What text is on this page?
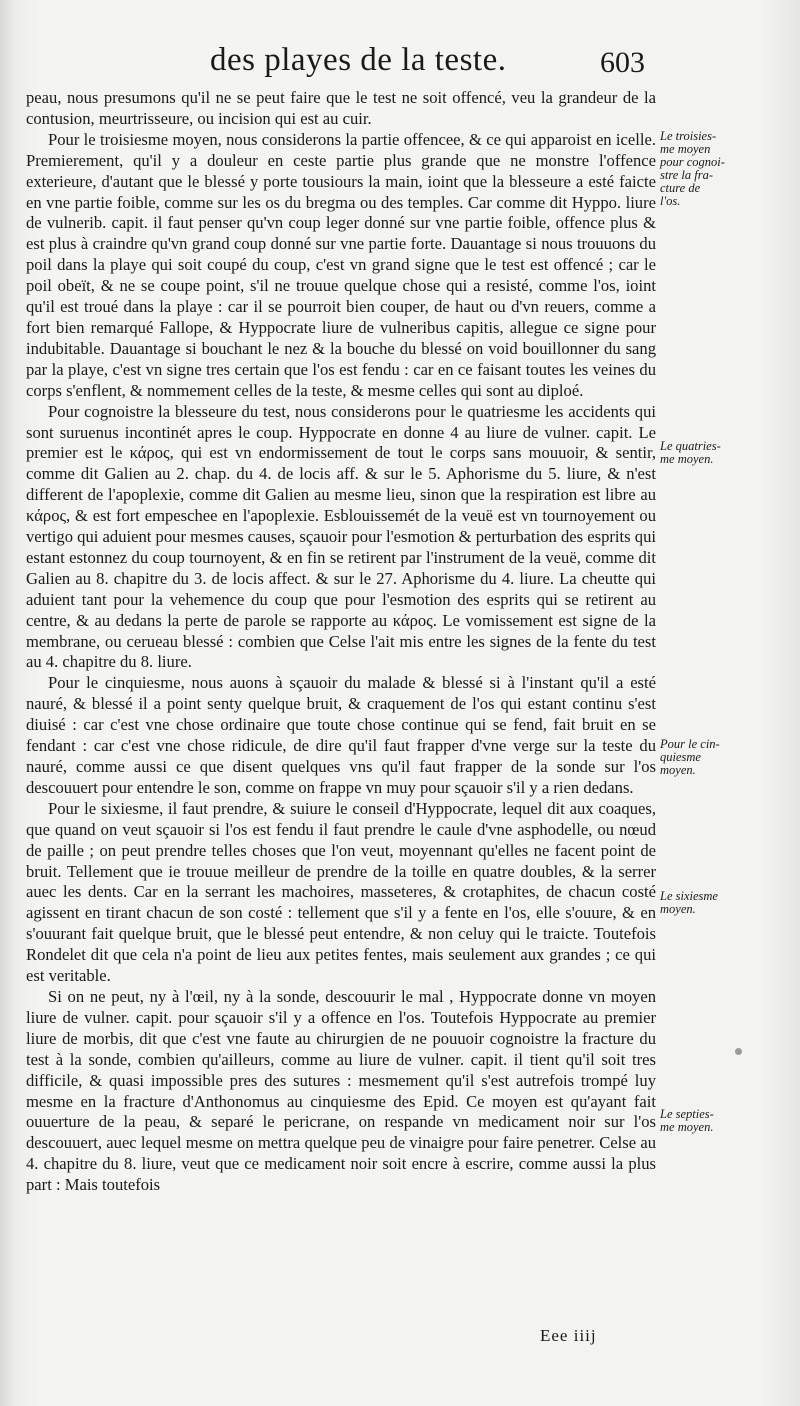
des playes de la teste.	603

peau, nous presumons qu'il ne se peut faire que le test ne soit offencé, veu la grandeur de la contusion, meurtrisseure, ou incision qui est au cuir.

Pour le troisiesme moyen, nous considerons la partie offencee, & ce qui apparoist en icelle. Premierement, qu'il y a douleur en ceste partie plus grande que ne monstre l'offence exterieure, d'autant que le blessé y porte tousiours la main, ioint que la blesseure a esté faicte en vne partie foible, comme sur les os du bregma ou des temples. Car comme dit Hyppo. liure de vulnerib. capit. il faut penser qu'vn coup leger donné sur vne partie foible, offence plus & est plus à craindre qu'vn grand coup donné sur vne partie forte. Dauantage si nous trouuons du poil dans la playe qui soit coupé du coup, c'est vn grand signe que le test est offencé ; car le poil obeït, & ne se coupe point, s'il ne trouue quelque chose qui a resisté, comme l'os, ioint qu'il est troué dans la playe : car il se pourroit bien couper, de haut ou d'vn reuers, comme a fort bien remarqué Fallope, & Hyppocrate liure de vulneribus capitis, allegue ce signe pour indubitable. Dauantage si bouchant le nez & la bouche du blessé on void bouillonner du sang par la playe, c'est vn signe tres certain que l'os est fendu : car en ce faisant toutes les veines du corps s'enflent, & nommement celles de la teste, & mesme celles qui sont au diploé.

Pour cognoistre la blesseure du test, nous considerons pour le quatriesme les accidents qui sont suruenus incontinét apres le coup. Hyppocrate en donne 4 au liure de vulner. capit. Le premier est le κάρος, qui est vn endormissement de tout le corps sans mouuoir, & sentir, comme dit Galien au 2. chap. du 4. de locis aff. & sur le 5. Aphorisme du 5. liure, & n'est different de l'apoplexie, comme dit Galien au mesme lieu, sinon que la respiration est libre au κάρος, & est fort empeschee en l'apoplexie. Esblouissemét de la veuë est vn tournoyement ou vertigo qui aduient pour mesmes causes, sçauoir pour l'esmotion & perturbation des esprits qui estant estonnez du coup tournoyent, & en fin se retirent par l'instrument de la veuë, comme dit Galien au 8. chapitre du 3. de locis affect. & sur le 27. Aphorisme du 4. liure. La cheutte qui aduient tant pour la vehemence du coup que pour l'esmotion des esprits qui se retirent au centre, & au dedans la perte de parole se rapporte au κάρος. Le vomissement est signe de la membrane, ou cerueau blessé : combien que Celse l'ait mis entre les signes de la fente du test au 4. chapitre du 8. liure.

Pour le cinquiesme, nous auons à sçauoir du malade & blessé si à l'instant qu'il a esté nauré, & blessé il a point senty quelque bruit, & craquement de l'os qui estant continu s'est diuisé : car c'est vne chose ordinaire que toute chose continue qui se fend, fait bruit en se fendant : car c'est vne chose ridicule, de dire qu'il faut frapper d'vne verge sur la teste du nauré, comme aussi ce que disent quelques vns qu'il faut frapper de la sonde sur l'os descouuert pour entendre le son, comme on frappe vn muy pour sçauoir s'il y a rien dedans.

Pour le sixiesme, il faut prendre, & suiure le conseil d'Hyppocrate, lequel dit aux coaques, que quand on veut sçauoir si l'os est fendu il faut prendre le caule d'vne asphodelle, ou nœud de paille ; on peut prendre telles choses que l'on veut, moyennant qu'elles ne facent point de bruit. Tellement que ie trouue meilleur de prendre de la toille en quatre doubles, & la serrer auec les dents. Car en la serrant les machoires, masseteres, & crotaphites, de chacun costé agissent en tirant chacun de son costé : tellement que s'il y a fente en l'os, elle s'ouure, & en s'ouurant fait quelque bruit, que le blessé peut entendre, & non celuy qui le traicte. Toutefois Rondelet dit que cela n'a point de lieu aux petites fentes, mais seulement aux grandes ; ce qui est veritable.

Si on ne peut, ny à l'œil, ny à la sonde, descouurir le mal , Hyppocrate donne vn moyen liure de vulner. capit. pour sçauoir s'il y a offence en l'os. Toutefois Hyppocrate au premier liure de morbis, dit que c'est vne faute au chirurgien de ne pouuoir cognoistre la fracture du test à la sonde, combien qu'ailleurs, comme au liure de vulner. capit. il tient qu'il soit tres difficile, & quasi impossible pres des sutures : mesmement qu'il s'est autrefois trompé luy mesme en la fracture d'Anthonomus au cinquiesme des Epid. Ce moyen est qu'ayant fait ouuerture de la peau, & separé le pericrane, on respande vn medicament noir sur l'os descouuert, auec lequel mesme on mettra quelque peu de vinaigre pour faire penetrer. Celse au 4. chapitre du 8. liure, veut que ce medicament noir soit encre à escrire, comme aussi la plus part : Mais toutefois

Le troisies-
me moyen
pour cognoi-
stre la fra-
cture de
l'os.
Le quatries-
me moyen.
Pour le cin-
quiesme
moyen.
Le sixiesme
moyen.
Le septies-
me moyen.
Eee iiij
